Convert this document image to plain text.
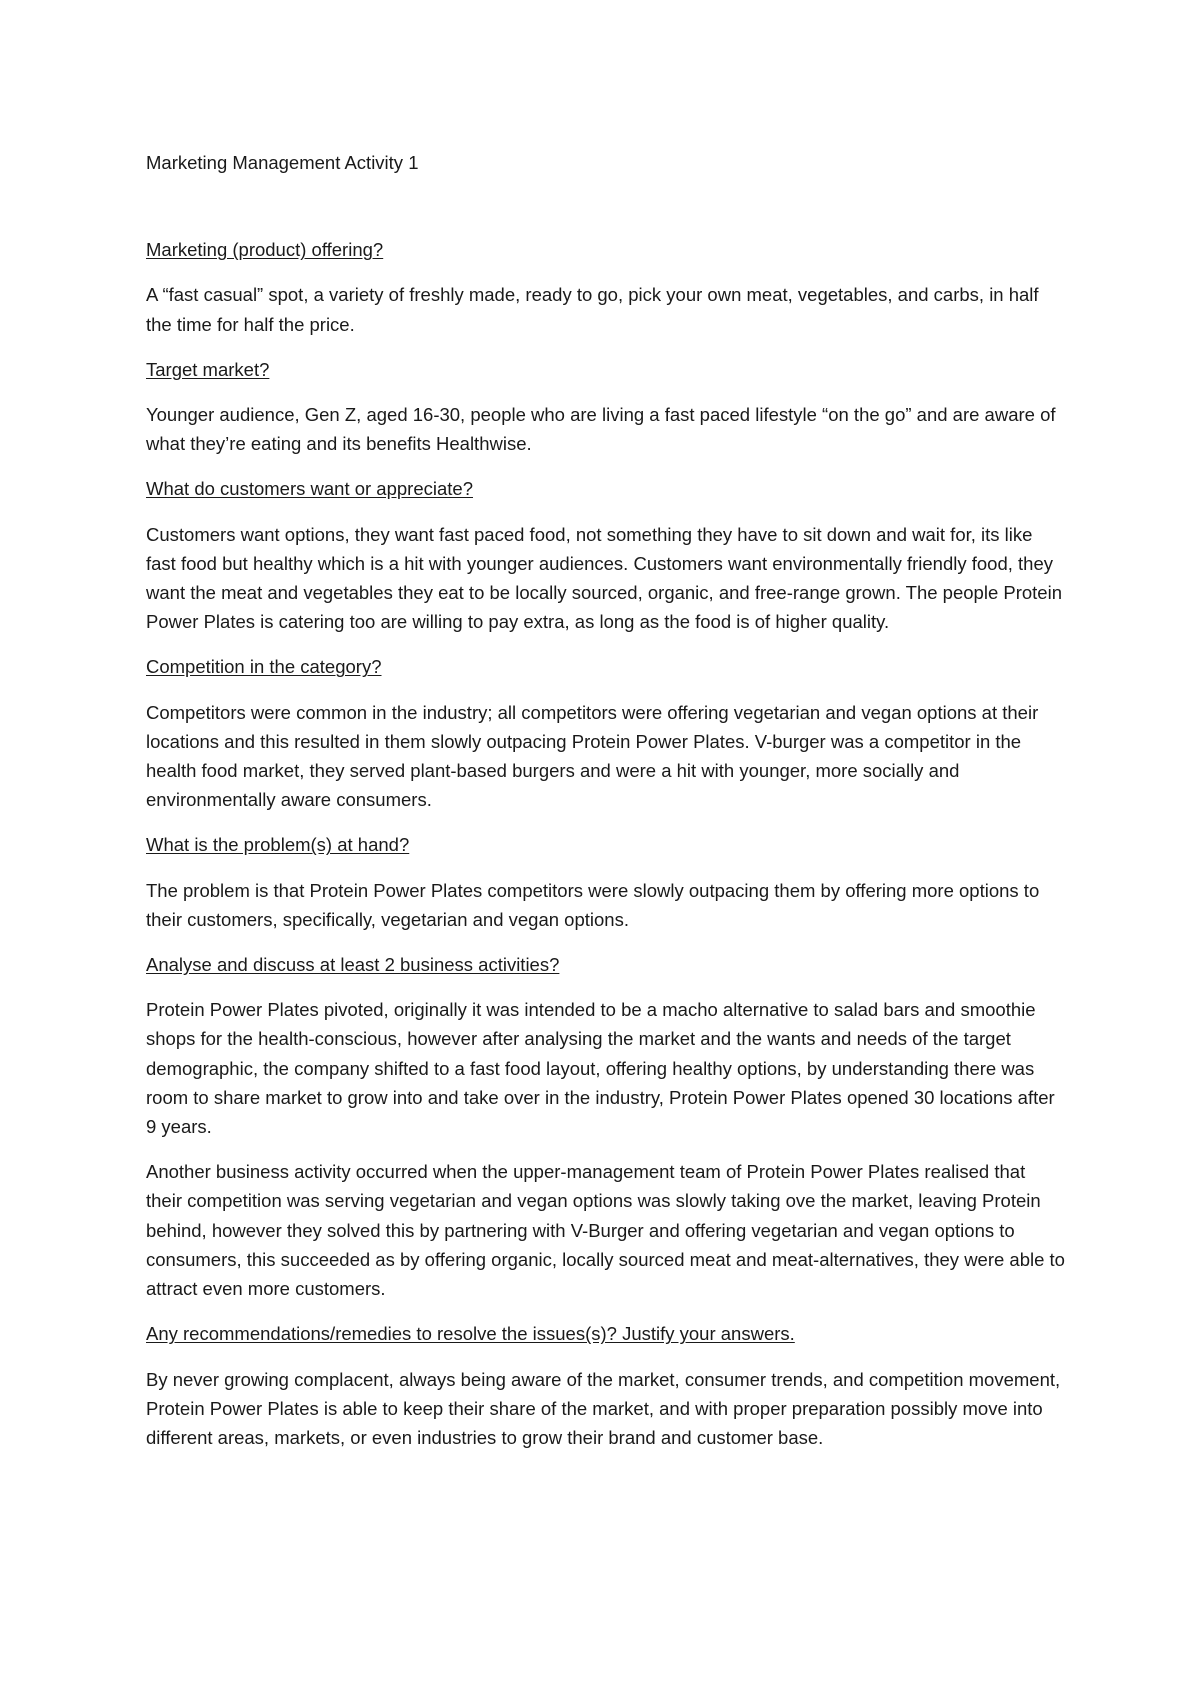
Marketing Management Activity 1

Marketing (product) offering?

A “fast casual” spot, a variety of freshly made, ready to go, pick your own meat, vegetables, and carbs, in half the time for half the price.

Target market?

Younger audience, Gen Z, aged 16-30, people who are living a fast paced lifestyle “on the go” and are aware of what they’re eating and its benefits Healthwise.

What do customers want or appreciate?

Customers want options, they want fast paced food, not something they have to sit down and wait for, its like fast food but healthy which is a hit with younger audiences. Customers want environmentally friendly food, they want the meat and vegetables they eat to be locally sourced, organic, and free-range grown. The people Protein Power Plates is catering too are willing to pay extra, as long as the food is of higher quality.

Competition in the category?

Competitors were common in the industry; all competitors were offering vegetarian and vegan options at their locations and this resulted in them slowly outpacing Protein Power Plates. V-burger was a competitor in the health food market, they served plant-based burgers and were a hit with younger, more socially and environmentally aware consumers.

What is the problem(s) at hand?

The problem is that Protein Power Plates competitors were slowly outpacing them by offering more options to their customers, specifically, vegetarian and vegan options.

Analyse and discuss at least 2 business activities?

Protein Power Plates pivoted, originally it was intended to be a macho alternative to salad bars and smoothie shops for the health-conscious, however after analysing the market and the wants and needs of the target demographic, the company shifted to a fast food layout, offering healthy options, by understanding there was room to share market to grow into and take over in the industry, Protein Power Plates opened 30 locations after 9 years.

Another business activity occurred when the upper-management team of Protein Power Plates realised that their competition was serving vegetarian and vegan options was slowly taking ove the market, leaving Protein behind, however they solved this by partnering with V-Burger and offering vegetarian and vegan options to consumers, this succeeded as by offering organic, locally sourced meat and meat-alternatives, they were able to attract even more customers.

Any recommendations/remedies to resolve the issues(s)? Justify your answers.

By never growing complacent, always being aware of the market, consumer trends, and competition movement, Protein Power Plates is able to keep their share of the market, and with proper preparation possibly move into different areas, markets, or even industries to grow their brand and customer base.
